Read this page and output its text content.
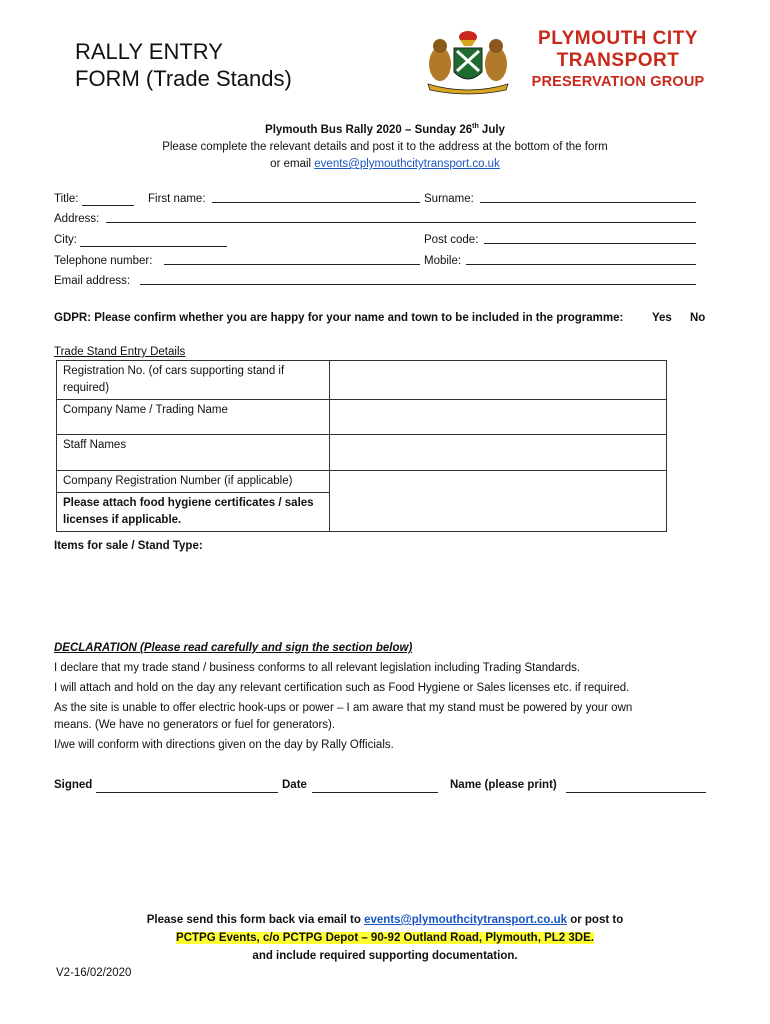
RALLY ENTRY
FORM (Trade Stands)
PLYMOUTH CITY
TRANSPORT
PRESERVATION GROUP
Plymouth Bus Rally 2020 – Sunday 26th July
Please complete the relevant details and post it to the address at the bottom of the form
or email events@plymouthcitytransport.co.uk
Title:	First name:	Surname:
Address:
City:	Post code:
Telephone number:	Mobile:
Email address:
GDPR: Please confirm whether you are happy for your name and town to be included in the programme: Yes No
Trade Stand Entry Details
Registration No. (of cars supporting stand if required)	
Company Name / Trading Name	
Staff Names	
Company Registration Number (if applicable)	
Please attach food hygiene certificates / sales licenses if applicable.	
Items for sale / Stand Type:
DECLARATION (Please read carefully and sign the section below)
I declare that my trade stand / business conforms to all relevant legislation including Trading Standards.
I will attach and hold on the day any relevant certification such as Food Hygiene or Sales licenses etc. if required.
As the site is unable to offer electric hook-ups or power – I am aware that my stand must be powered by your own
means. (We have no generators or fuel for generators).
I/we will conform with directions given on the day by Rally Officials.
Signed	Date	Name (please print)
Please send this form back via email to events@plymouthcitytransport.co.uk or post to
PCTPG Events, c/o PCTPG Depot – 90-92 Outland Road, Plymouth, PL2 3DE.
and include required supporting documentation.
V2-16/02/2020
